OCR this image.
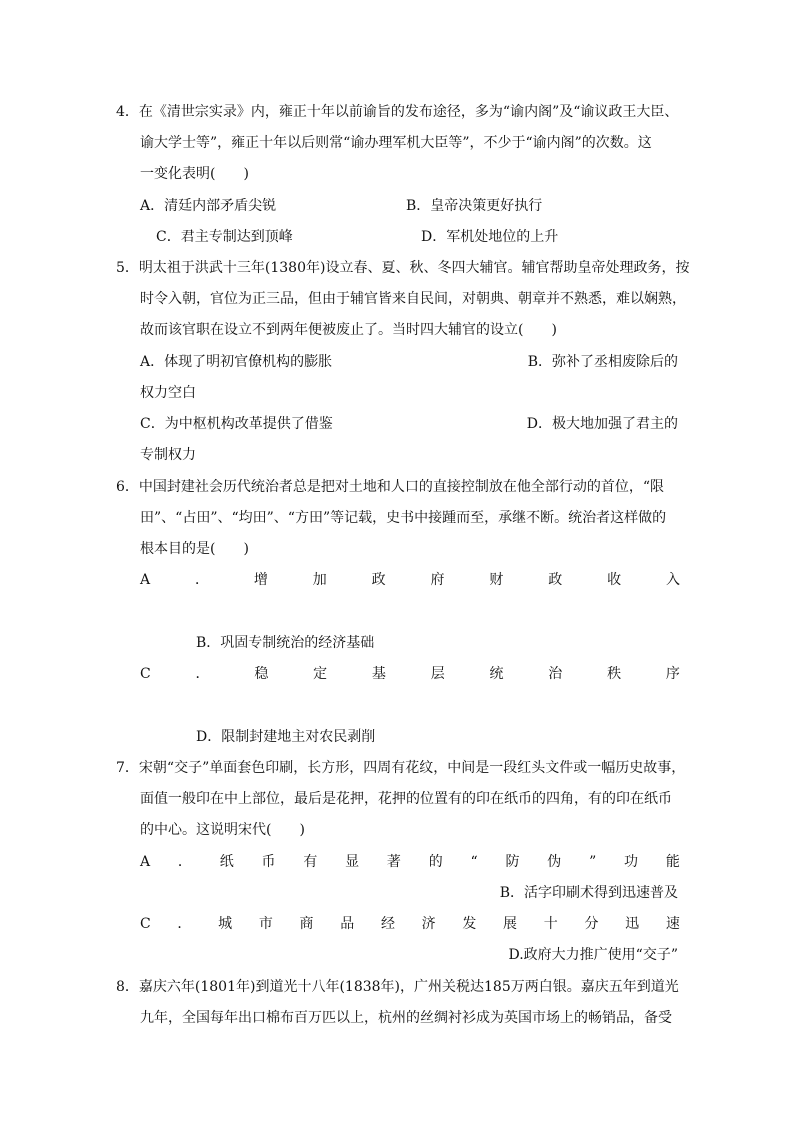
4．在《清世宗实录》内，雍正十年以前谕旨的发布途径，多为“谕内阁”及“谕议政王大臣、
谕大学士等”，雍正十年以后则常“谕办理军机大臣等”，不少于“谕内阁”的次数。这
一变化表明(　　)
A．清廷内部矛盾尖锐	B．皇帝决策更好执行
C．君主专制达到顶峰	D．军机处地位的上升
5．明太祖于洪武十三年(1380年)设立春、夏、秋、冬四大辅官。辅官帮助皇帝处理政务，按
时令入朝，官位为正三品，但由于辅官皆来自民间，对朝典、朝章并不熟悉，难以娴熟，
故而该官职在设立不到两年便被废止了。当时四大辅官的设立(　　)
A．体现了明初官僚机构的膨胀	B．弥补了丞相废除后的
权力空白
C．为中枢机构改革提供了借鉴	D．极大地加强了君主的
专制权力
6．中国封建社会历代统治者总是把对土地和人口的直接控制放在他全部行动的首位，“限
田”、“占田”、“均田”、“方田”等记载，史书中接踵而至，承继不断。统治者这样做的
根本目的是(　　)
A	．	增	加	政	府	财	政	收	入
B．巩固专制统治的经济基础
C	．	稳	定	基	层	统	治	秩	序
D．限制封建地主对农民剥削
7．宋朝“交子”单面套色印刷，长方形，四周有花纹，中间是一段红头文件或一幅历史故事，
面值一般印在中上部位，最后是花押，花押的位置有的印在纸币的四角，有的印在纸币
的中心。这说明宋代(　　)
A ． 纸 币 有 显 著 的 “ 防 伪 ” 功 能
B．活字印刷术得到迅速普及
C ． 城 市 商 品 经 济 发 展 十 分 迅 速
D.政府大力推广使用“交子”
8．嘉庆六年(1801年)到道光十八年(1838年)，广州关税达185万两白银。嘉庆五年到道光
九年，全国每年出口棉布百万匹以上，杭州的丝绸衬衫成为英国市场上的畅销品，备受
